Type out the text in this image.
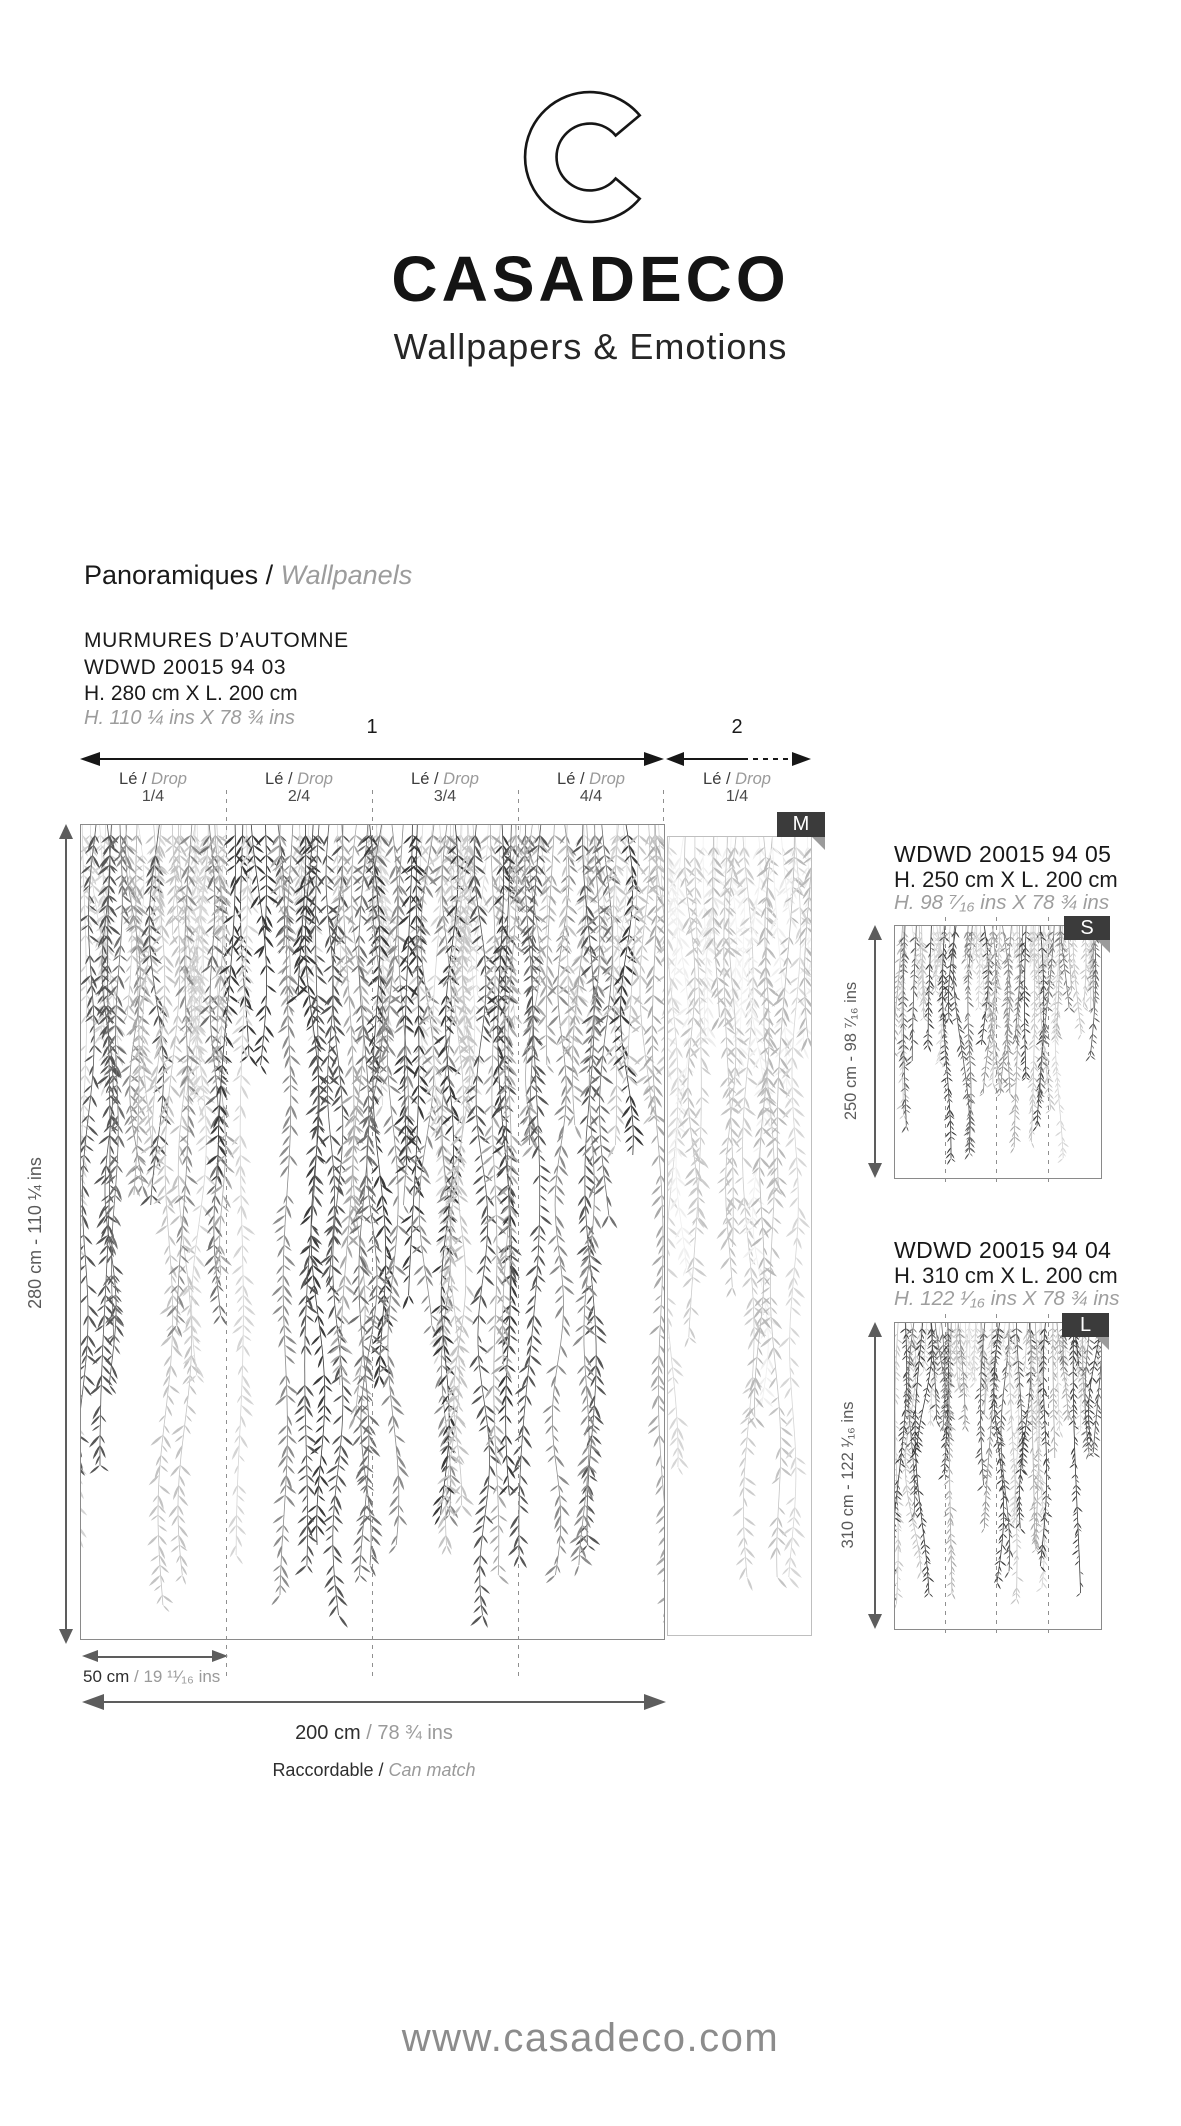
CASADECO
Wallpapers & Emotions
Panoramiques / Wallpanels
MURMURES D’AUTOMNE
WDWD 20015 94 03
H. 280 cm X L. 200 cm
H. 110 ¼ ins X 78 ¾ ins	1	2
Lé / Drop
1/4
Lé / Drop
2/4
Lé / Drop
3/4
Lé / Drop
4/4
Lé / Drop
1/4
M
S
L
280 cm - 110 ¼ ins
250 cm - 98 ⁷⁄₁₆ ins
310 cm - 122 ¹⁄₁₆ ins
50 cm / 19 ¹¹⁄₁₆ ins
200 cm / 78 ¾ ins
Raccordable / Can match
WDWD 20015 94 05
H. 250 cm X L. 200 cm
H. 98 ⁷⁄₁₆ ins X 78 ¾ ins
WDWD 20015 94 04
H. 310 cm X L. 200 cm
H. 122 ¹⁄₁₆ ins X 78 ¾ ins
www.casadeco.com
